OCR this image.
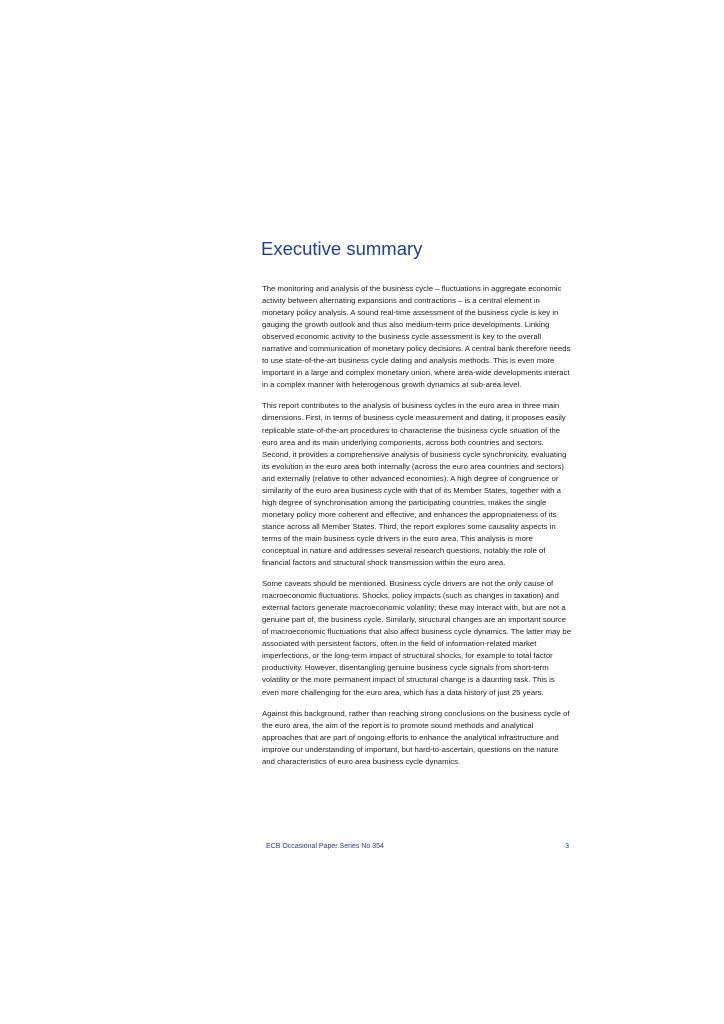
Executive summary

The monitoring and analysis of the business cycle – fluctuations in aggregate economic activity between alternating expansions and contractions – is a central element in monetary policy analysis. A sound real-time assessment of the business cycle is key in gauging the growth outlook and thus also medium-term price developments. Linking observed economic activity to the business cycle assessment is key to the overall narrative and communication of monetary policy decisions. A central bank therefore needs to use state-of-the-art business cycle dating and analysis methods. This is even more important in a large and complex monetary union, where area-wide developments interact in a complex manner with heterogenous growth dynamics at sub-area level.

This report contributes to the analysis of business cycles in the euro area in three main dimensions. First, in terms of business cycle measurement and dating, it proposes easily replicable state-of-the-art procedures to characterise the business cycle situation of the euro area and its main underlying components, across both countries and sectors. Second, it provides a comprehensive analysis of business cycle synchronicity, evaluating its evolution in the euro area both internally (across the euro area countries and sectors) and externally (relative to other advanced economies). A high degree of congruence or similarity of the euro area business cycle with that of its Member States, together with a high degree of synchronisation among the participating countries, makes the single monetary policy more coherent and effective, and enhances the appropriateness of its stance across all Member States. Third, the report explores some causality aspects in terms of the main business cycle drivers in the euro area. This analysis is more conceptual in nature and addresses several research questions, notably the role of financial factors and structural shock transmission within the euro area.

Some caveats should be mentioned. Business cycle drivers are not the only cause of macroeconomic fluctuations. Shocks, policy impacts (such as changes in taxation) and external factors generate macroeconomic volatility; these may interact with, but are not a genuine part of, the business cycle. Similarly, structural changes are an important source of macroeconomic fluctuations that also affect business cycle dynamics. The latter may be associated with persistent factors, often in the field of information-related market imperfections, or the long-term impact of structural shocks, for example to total factor productivity. However, disentangling genuine business cycle signals from short-term volatility or the more permanent impact of structural change is a daunting task. This is even more challenging for the euro area, which has a data history of just 25 years.

Against this background, rather than reaching strong conclusions on the business cycle of the euro area, the aim of the report is to promote sound methods and analytical approaches that are part of ongoing efforts to enhance the analytical infrastructure and improve our understanding of important, but hard-to-ascertain, questions on the nature and characteristics of euro area business cycle dynamics.

ECB Occasional Paper Series No 354	3
